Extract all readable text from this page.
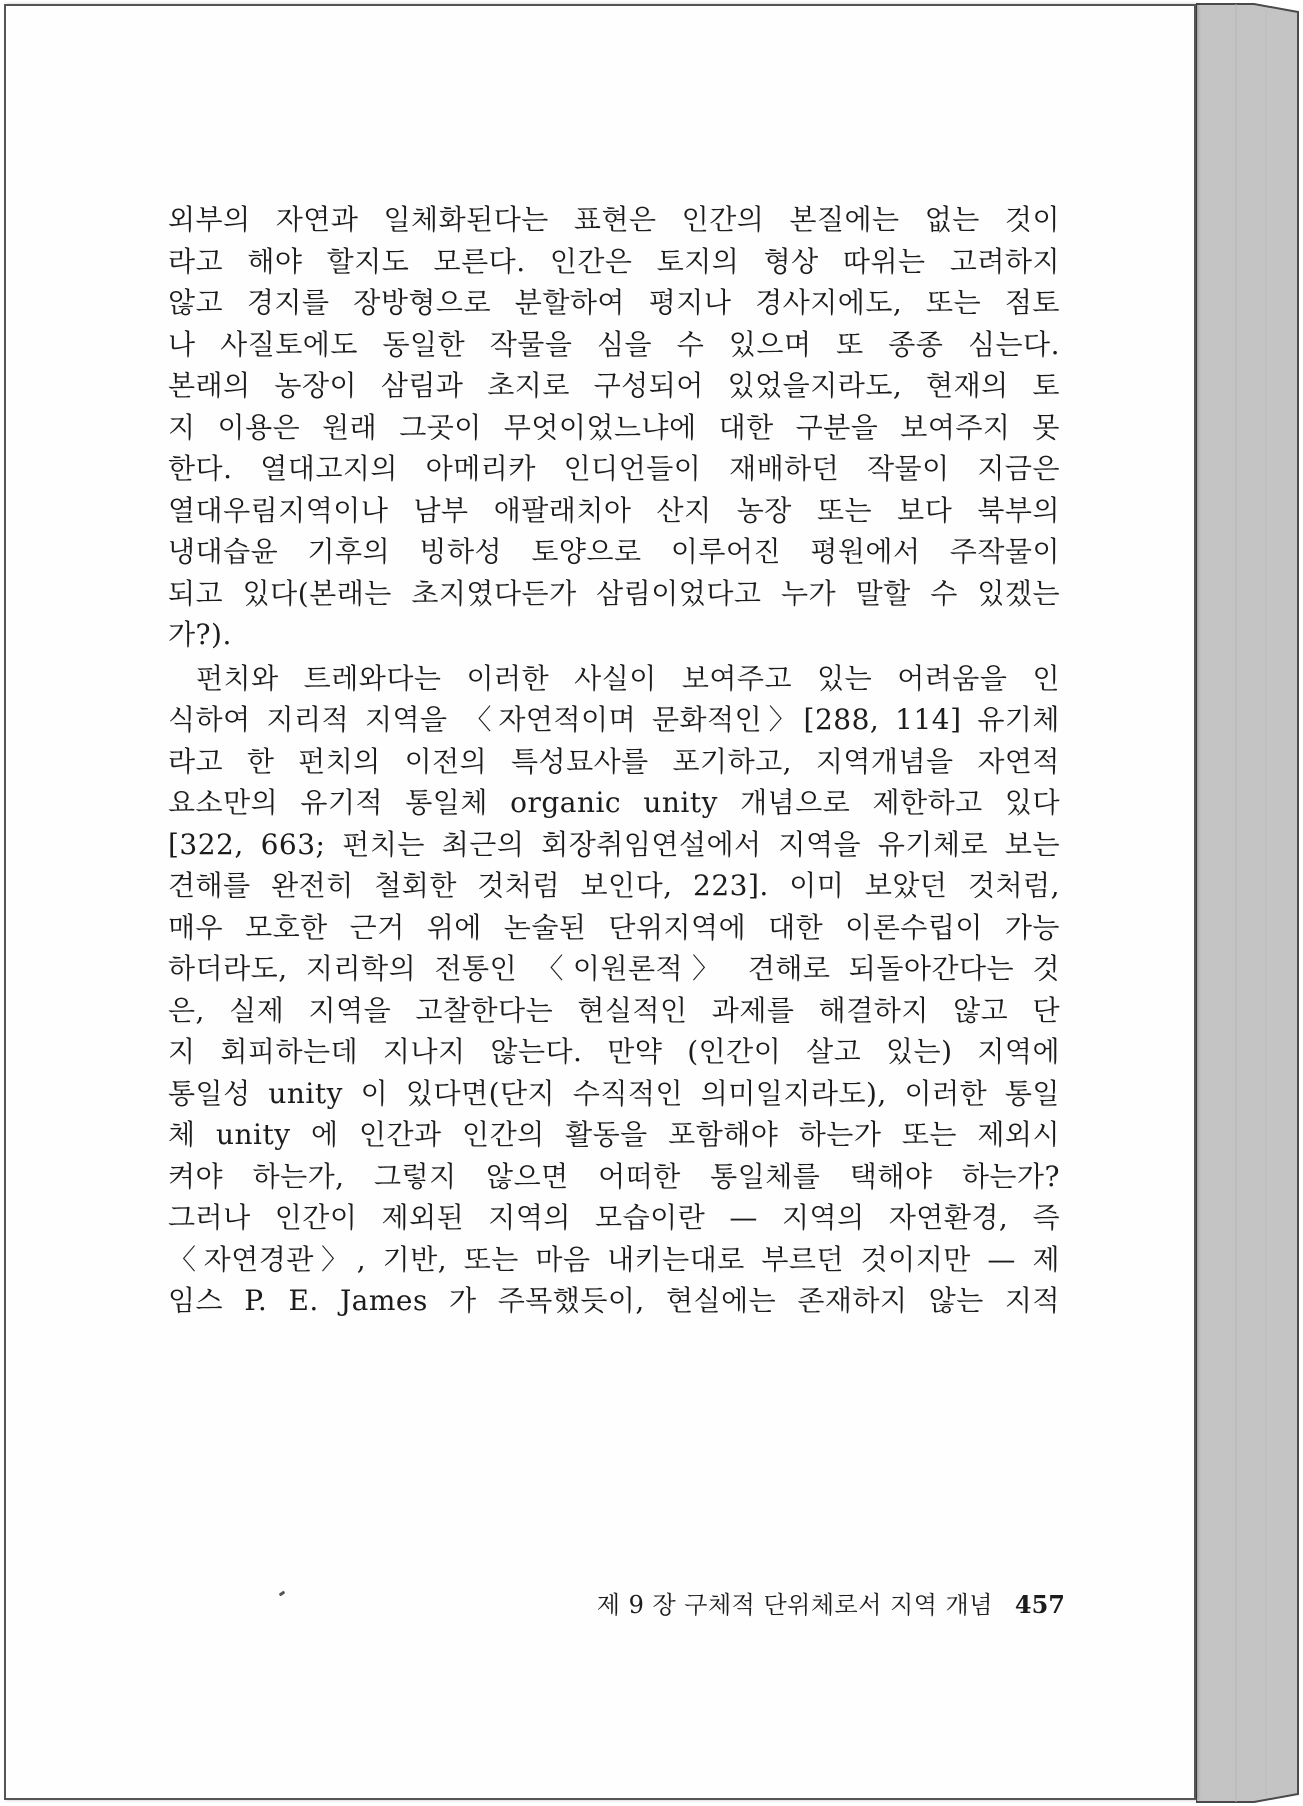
외부의 자연과 일체화된다는 표현은 인간의 본질에는 없는 것이
라고 해야 할지도 모른다. 인간은 토지의 형상 따위는 고려하지
않고 경지를 장방형으로 분할하여 평지나 경사지에도, 또는 점토
나 사질토에도 동일한 작물을 심을 수 있으며 또 종종 심는다.
본래의 농장이 삼림과 초지로 구성되어 있었을지라도, 현재의 토
지 이용은 원래 그곳이 무엇이었느냐에 대한 구분을 보여주지 못
한다. 열대고지의 아메리카 인디언들이 재배하던 작물이 지금은
열대우림지역이나 남부 애팔래치아 산지 농장 또는 보다 북부의
냉대습윤 기후의 빙하성 토양으로 이루어진 평원에서 주작물이
되고 있다(본래는 초지였다든가 삼림이었다고 누가 말할 수 있겠는
가?).
펀치와 트레와다는 이러한 사실이 보여주고 있는 어려움을 인
식하여 지리적 지역을 〈자연적이며 문화적인〉[288, 114] 유기체
라고 한 펀치의 이전의 특성묘사를 포기하고, 지역개념을 자연적
요소만의 유기적 통일체 organic unity 개념으로 제한하고 있다
[322, 663; 펀치는 최근의 회장취임연설에서 지역을 유기체로 보는
견해를 완전히 철회한 것처럼 보인다, 223]. 이미 보았던 것처럼,
매우 모호한 근거 위에 논술된 단위지역에 대한 이론수립이 가능
하더라도, 지리학의 전통인 〈이원론적〉 견해로 되돌아간다는 것
은, 실제 지역을 고찰한다는 현실적인 과제를 해결하지 않고 단
지 회피하는데 지나지 않는다. 만약 (인간이 살고 있는) 지역에
통일성 unity 이 있다면(단지 수직적인 의미일지라도), 이러한 통일
체 unity 에 인간과 인간의 활동을 포함해야 하는가 또는 제외시
켜야 하는가, 그렇지 않으면 어떠한 통일체를 택해야 하는가?
그러나 인간이 제외된 지역의 모습이란 — 지역의 자연환경, 즉
〈자연경관〉, 기반, 또는 마음 내키는대로 부르던 것이지만 — 제
임스 P. E. James 가 주목했듯이, 현실에는 존재하지 않는 지적
제 9 장 구체적 단위체로서 지역 개념 457
